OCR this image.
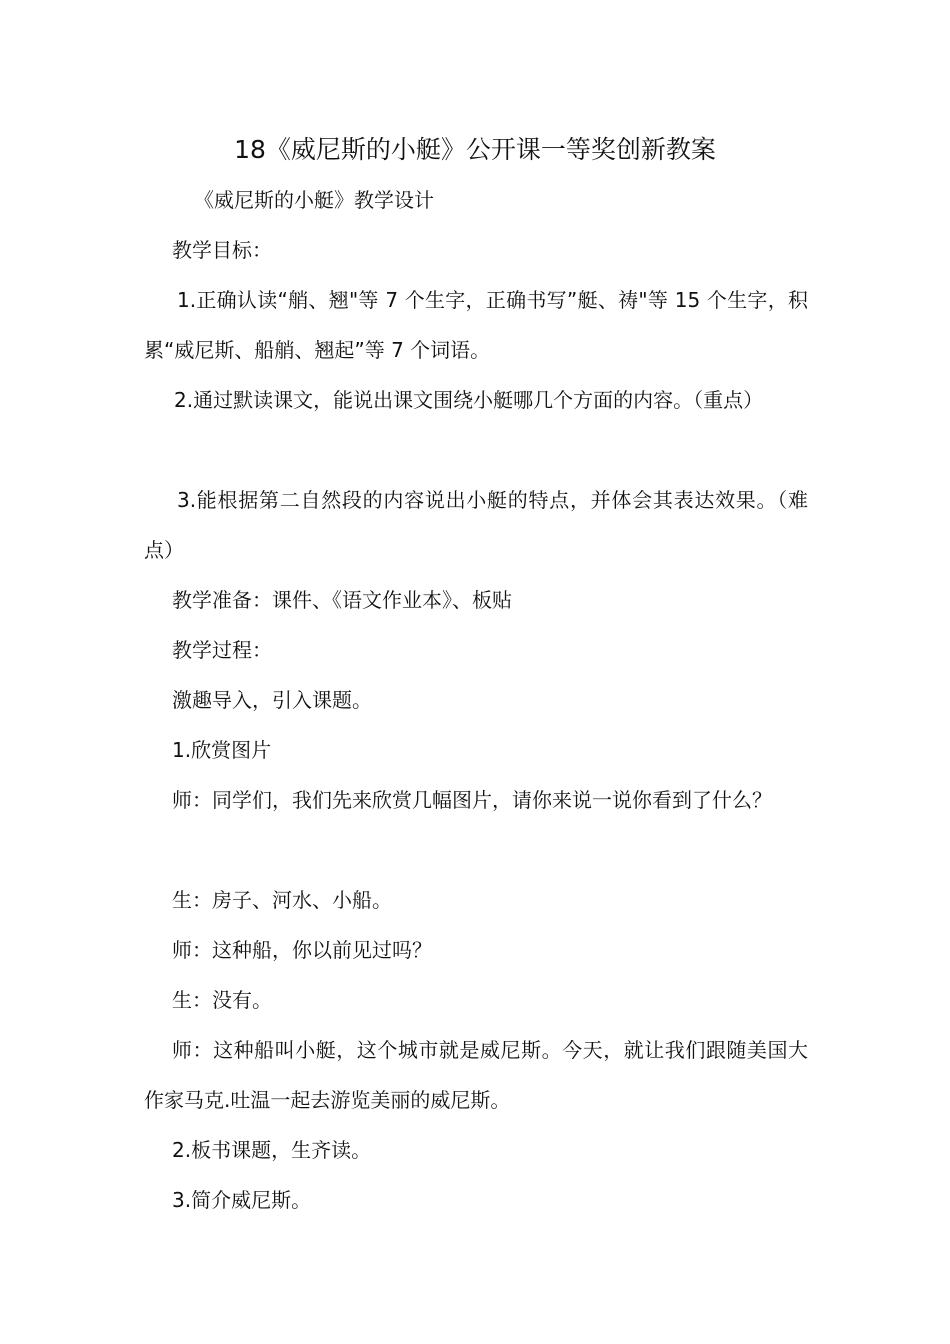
18《威尼斯的小艇》公开课一等奖创新教案

《威尼斯的小艇》教学设计

教学目标：

1.正确认读“艄、翘"等 7 个生字，正确书写”艇、祷"等 15 个生字，积累“威尼斯、船艄、翘起”等 7 个词语。

2.通过默读课文，能说出课文围绕小艇哪几个方面的内容。（重点）

3.能根据第二自然段的内容说出小艇的特点，并体会其表达效果。（难点）

教学准备：课件、《语文作业本》、板贴

教学过程：

激趣导入，引入课题。

1.欣赏图片

师：同学们，我们先来欣赏几幅图片，请你来说一说你看到了什么？

生：房子、河水、小船。

师：这种船，你以前见过吗？

生：没有。

师：这种船叫小艇，这个城市就是威尼斯。今天，就让我们跟随美国大作家马克.吐温一起去游览美丽的威尼斯。

2.板书课题，生齐读。

3.简介威尼斯。
